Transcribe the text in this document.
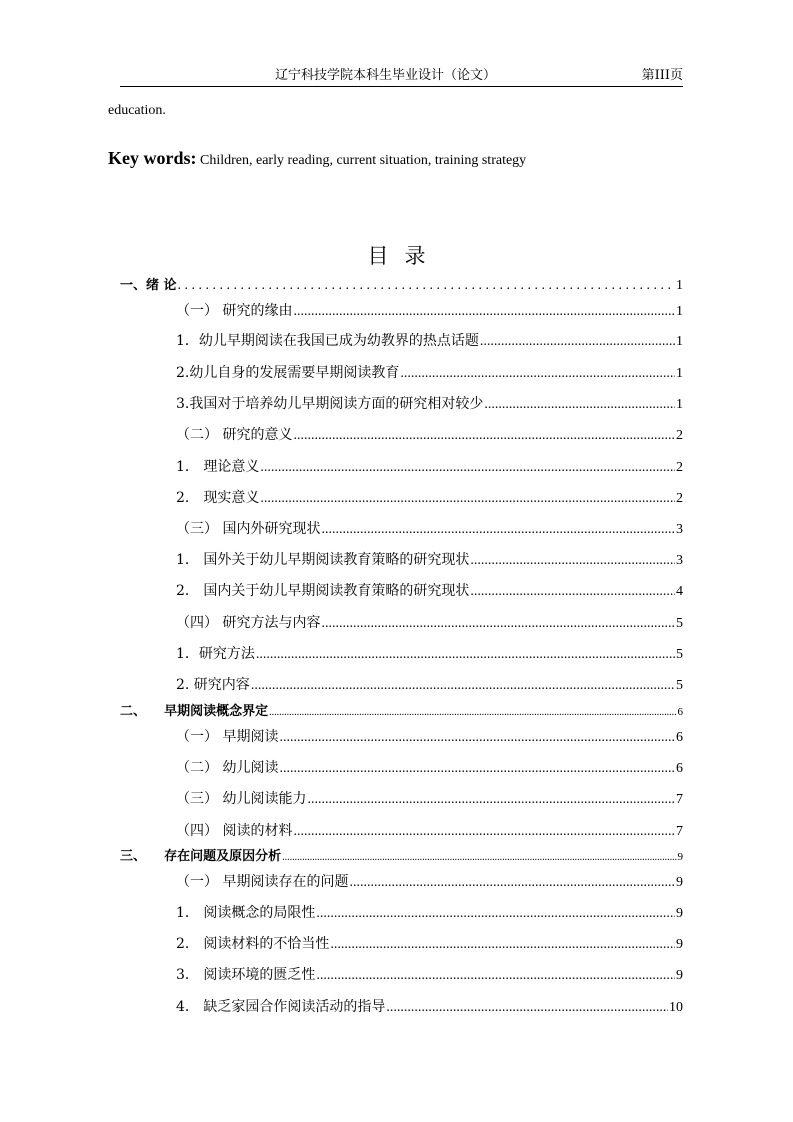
辽宁科技学院本科生毕业设计（论文）	第III页
education.
Key words: Children, early reading, current situation, training strategy
目录
一、绪 论 . . .	1
（一） 研究的缘由 .....	1
1．幼儿早期阅读在我国已成为幼教界的热点话题 .....	1
2.幼儿自身的发展需要早期阅读教育 .....	1
3.我国对于培养幼儿早期阅读方面的研究相对较少 .....	1
（二） 研究的意义 .....	2
1． 理论意义 .....	2
2． 现实意义 .....	2
（三） 国内外研究现状 .....	3
1． 国外关于幼儿早期阅读教育策略的研究现状 .....	3
2． 国内关于幼儿早期阅读教育策略的研究现状 .....	4
（四） 研究方法与内容 .....	5
1．研究方法 .....	5
2. 研究内容 .....	5
二、    早期阅读概念界定 .....	6
（一） 早期阅读 .....	6
（二） 幼儿阅读 .....	6
（三） 幼儿阅读能力 .....	7
（四） 阅读的材料 .....	7
三、    存在问题及原因分析 .....	9
（一） 早期阅读存在的问题 .....	9
1． 阅读概念的局限性 .....	9
2． 阅读材料的不恰当性 .....	9
3． 阅读环境的匮乏性 .....	9
4． 缺乏家园合作阅读活动的指导 .....	10
